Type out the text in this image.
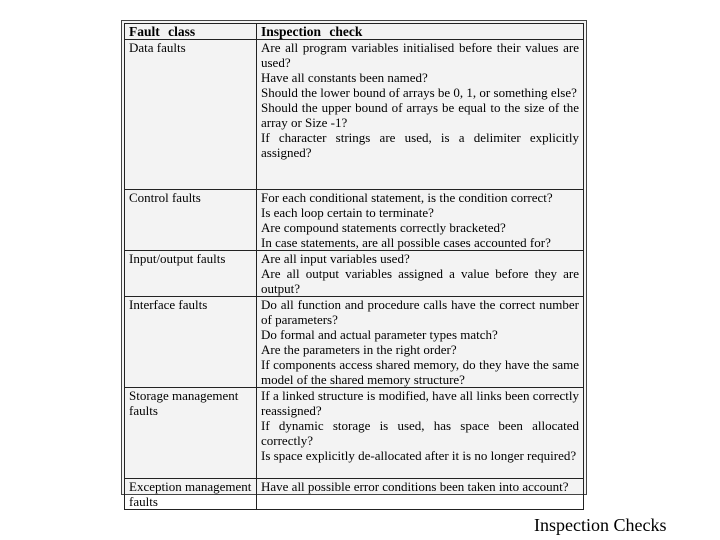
Fault class	Inspection check
Data faults	Are all program variables initialised before their values are used?
Have all constants been named?
Should the lower bound of arrays be 0, 1, or something else?
Should the upper bound of arrays be equal to the size of the array or Size -1?
If character strings are used, is a delimiter explicitly assigned?

Control faults	For each conditional statement, is the condition correct?
Is each loop certain to terminate?
Are compound statements correctly bracketed?
In case statements, are all possible cases accounted for?

Input/output faults	Are all input variables used?
Are all output variables assigned a value before they are output?

Interface faults	Do all function and procedure calls have the correct number of parameters?
Do formal and actual parameter types match?
Are the parameters in the right order?
If components access shared memory, do they have the same model of the shared memory structure?

Storage management faults	If a linked structure is modified, have all links been correctly reassigned?
If dynamic storage is used, has space been allocated correctly?
Is space explicitly de-allocated after it is no longer required?

Exception management faults	Have all possible error conditions been taken into account?
Inspection Checks
